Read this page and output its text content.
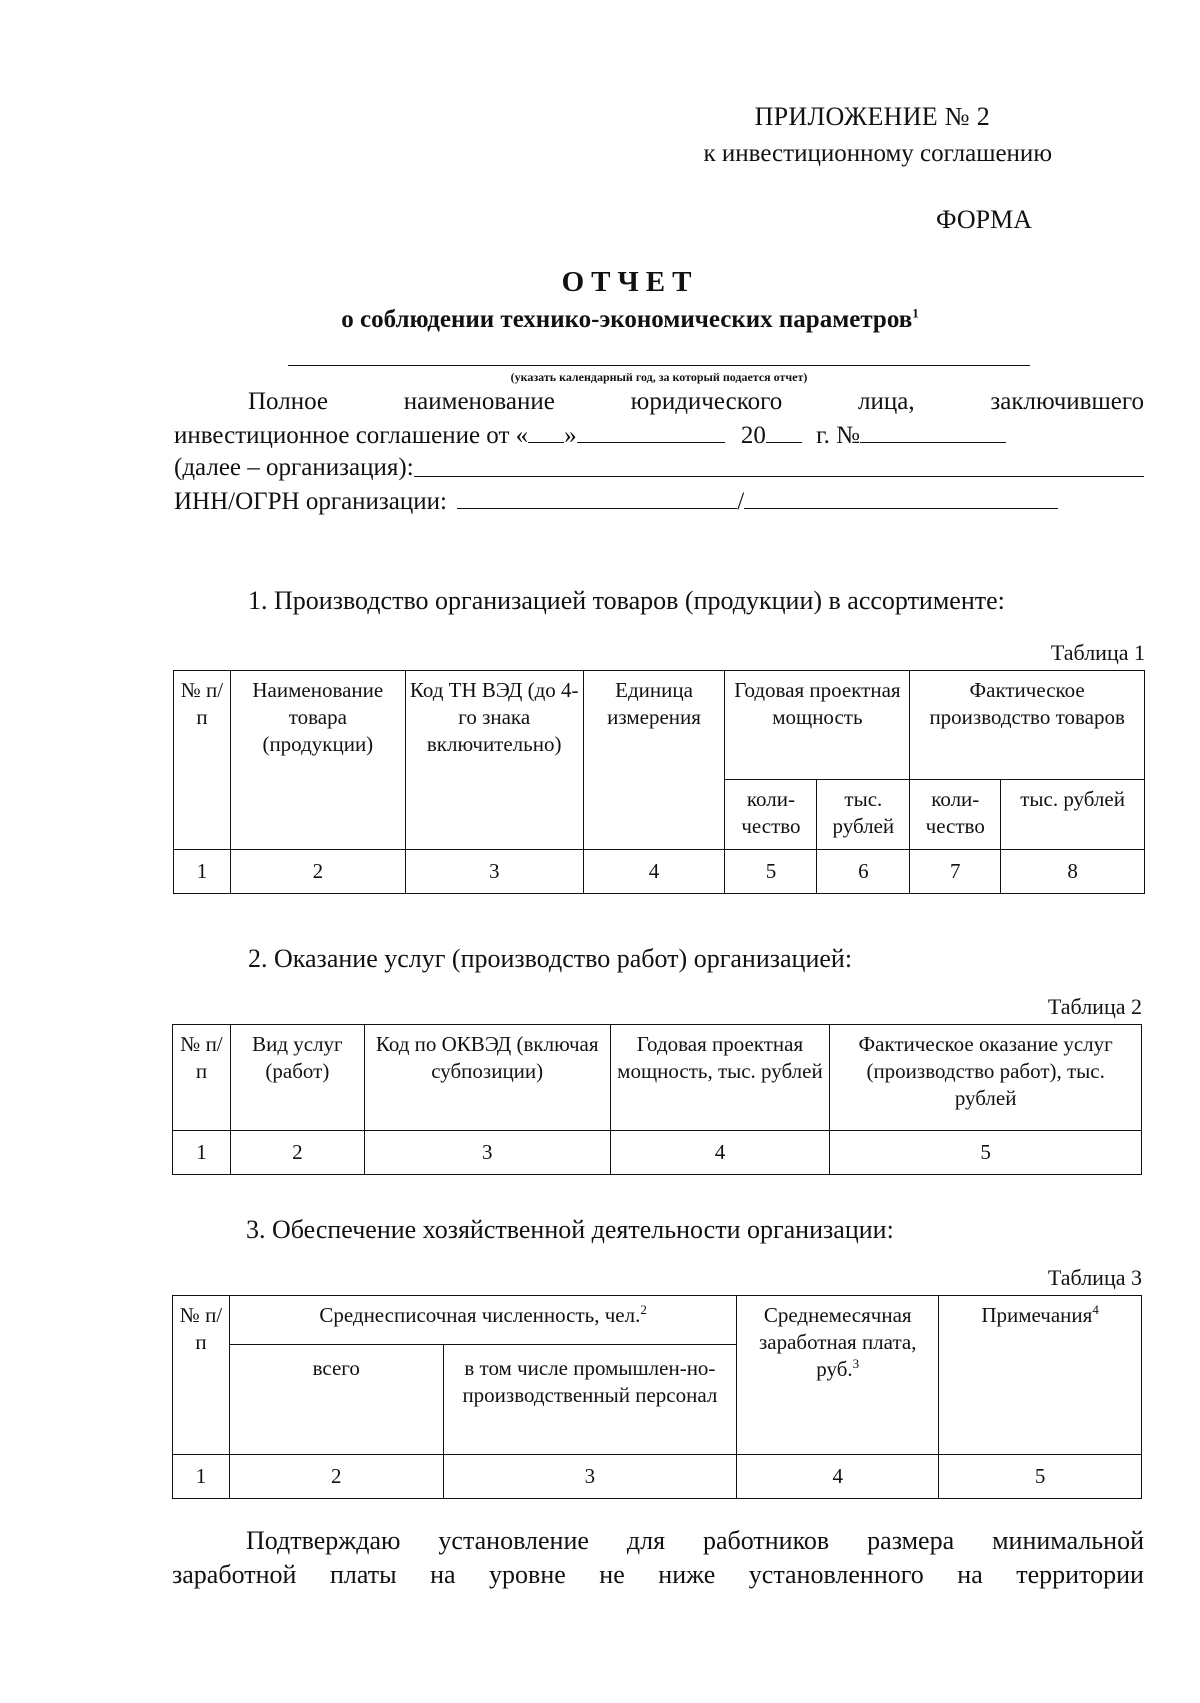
ПРИЛОЖЕНИЕ № 2
к инвестиционному соглашению
ФОРМА
ОТЧЕТ
о соблюдении технико-экономических параметров$^1$
(указать календарный год, за который подается отчет)
Полное	наименование	юридического	лица,	заключившего
инвестиционное соглашение от « »	20 г. №
(далее – организация):
ИНН/ОГРН организации:	/
1. Производство организацией товаров (продукции) в ассортименте:
Таблица 1
№ п/п	Наименование товара (продукции)	Код ТН ВЭД (до 4-го знака включительно)	Единица измерения	Годовая проектная мощность		Фактическое производство товаров	
				коли-чество	тыс. рублей	коли-чество	тыс. рублей
1	2	3	4	5	6	7	8
2. Оказание услуг (производство работ) организацией:
Таблица 2
№ п/п	Вид услуг (работ)	Код по ОКВЭД (включая субпозиции)	Годовая проектная мощность, тыс. рублей	Фактическое оказание услуг (производство работ), тыс. рублей
1	2	3	4	5
3. Обеспечение хозяйственной деятельности организации:
Таблица 3
№ п/п	Среднесписочная численность, чел.$^2$		Среднемесячная заработная плата, руб.$^3$	Примечания$^4$
	всего	в том числе промышлен-но-производственный персонал		
1	2	3	4	5
Подтверждаю установление для работников размера минимальной
заработной платы на уровне не ниже установленного на территории
